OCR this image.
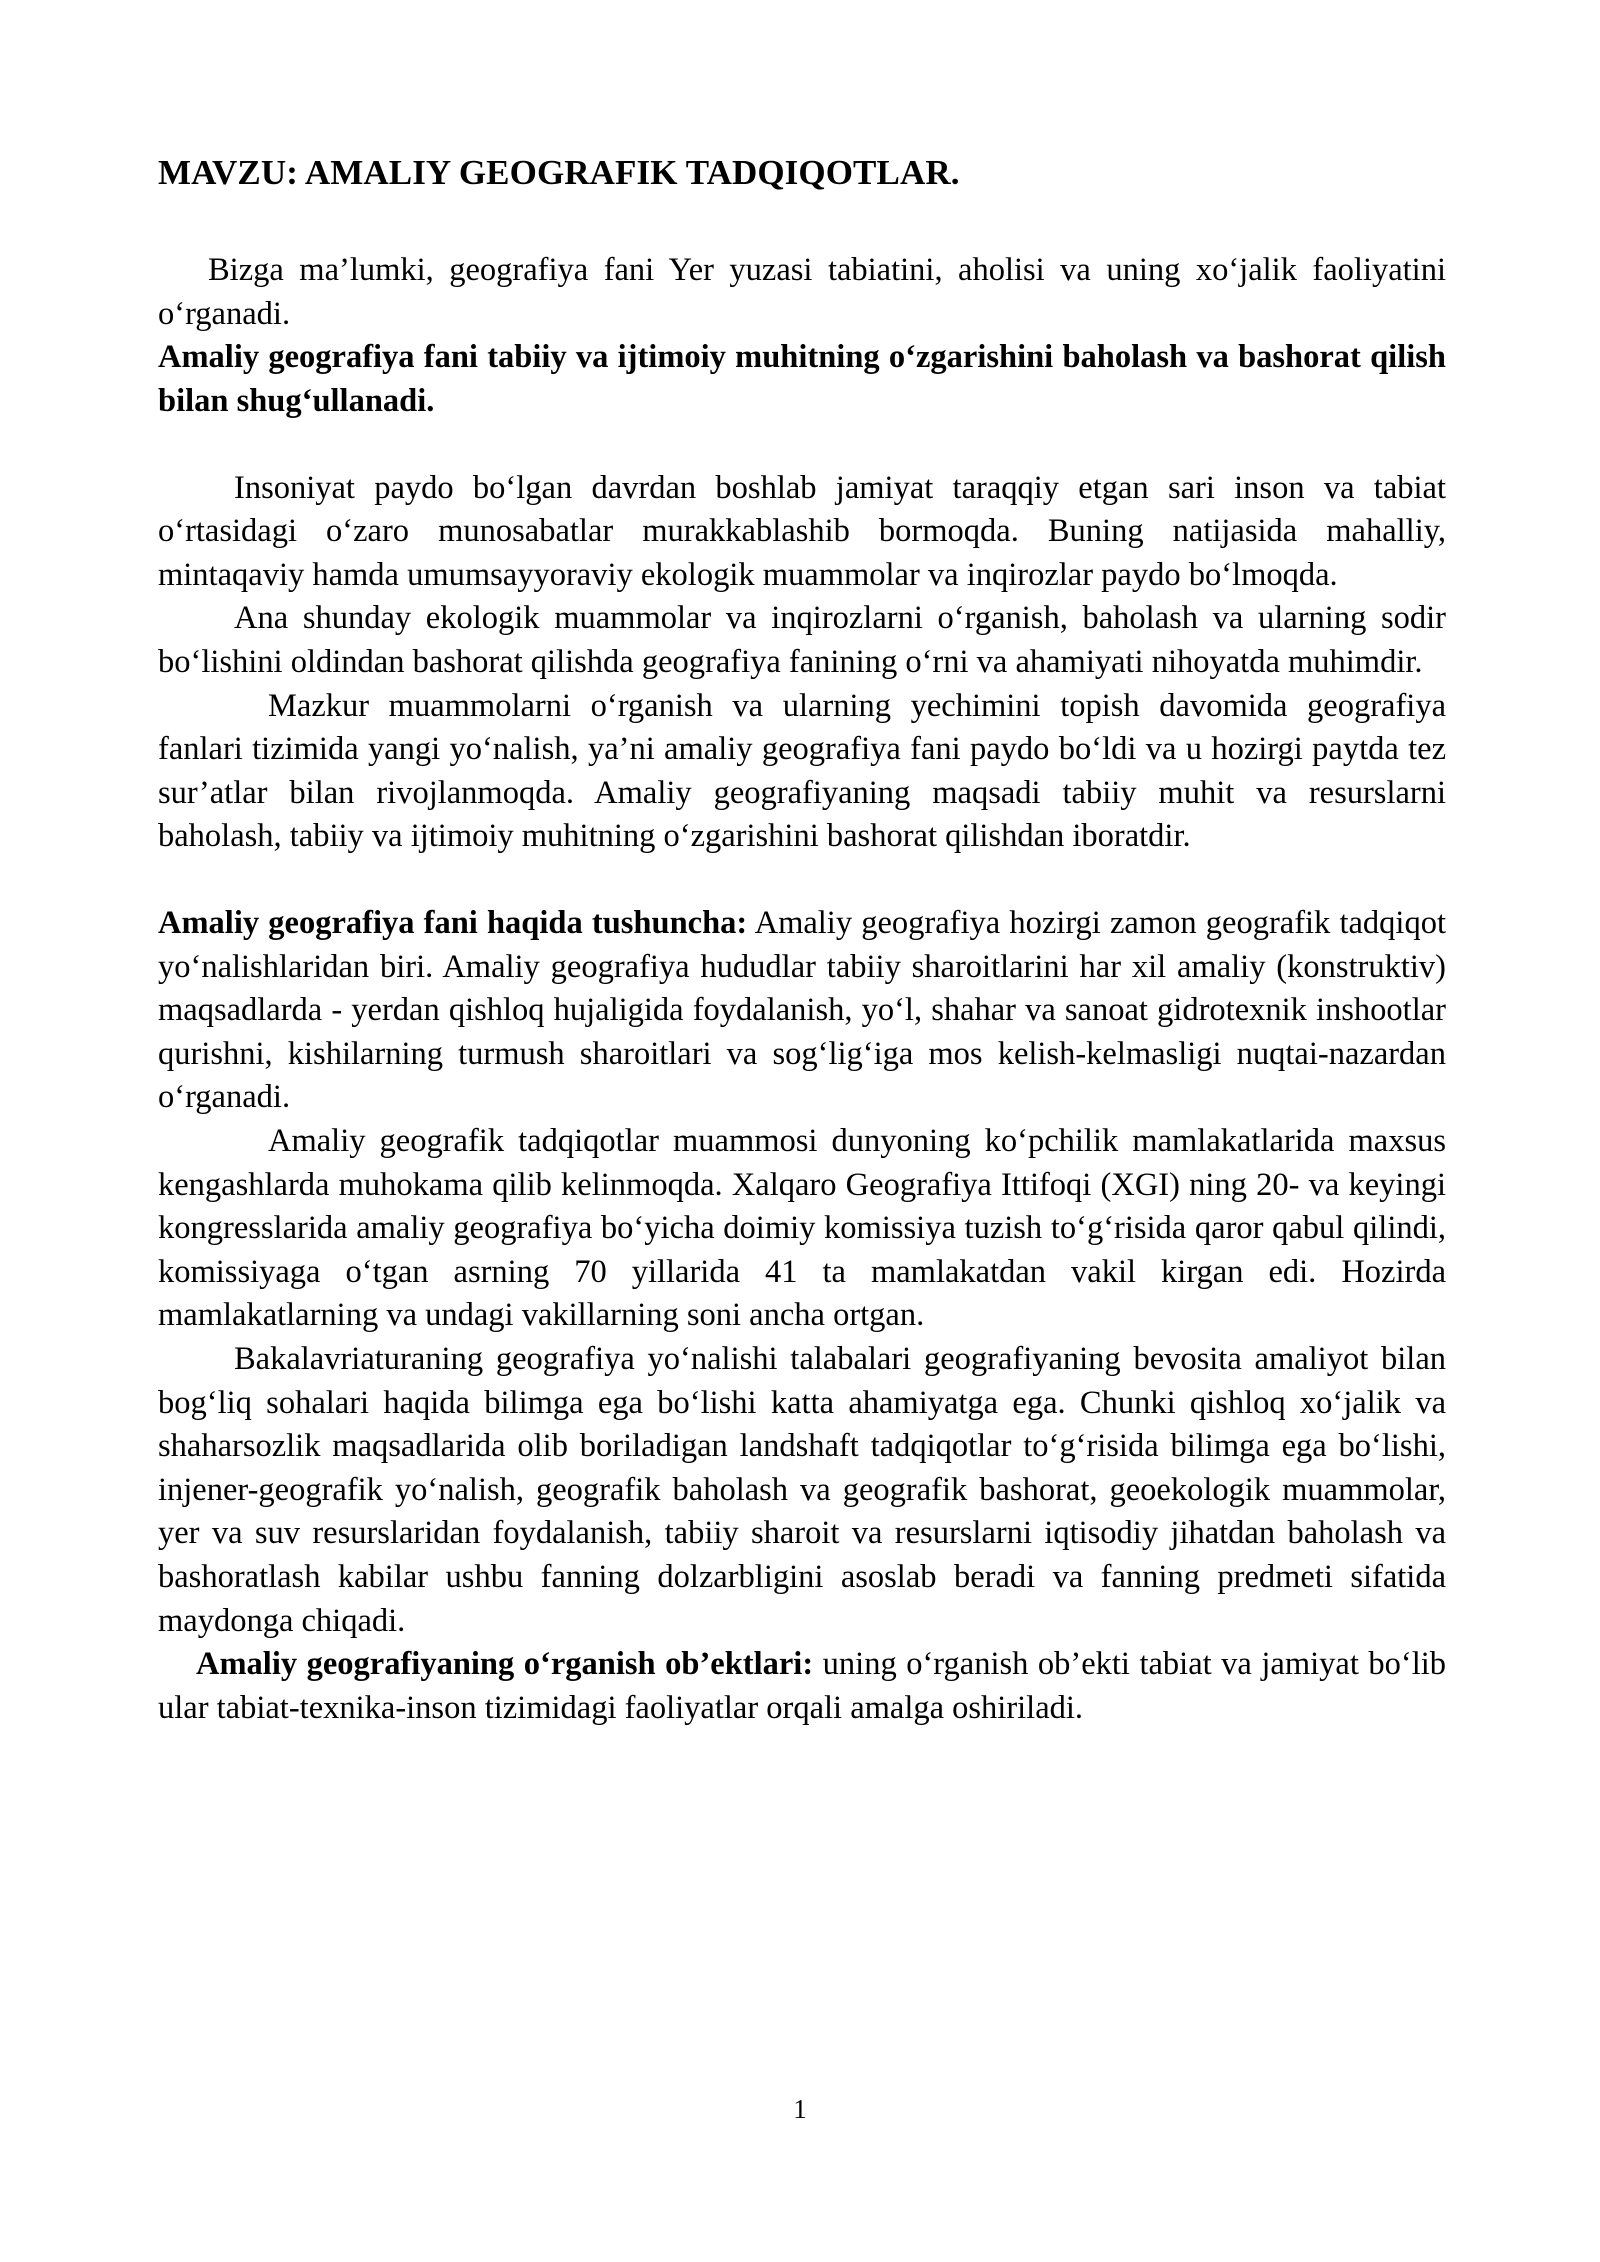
MAVZU: AMALIY GEOGRAFIK TADQIQOTLAR.

Bizga ma’lumki, geografiya fani Yer yuzasi tabiatini, aholisi va uning xo‘jalik faoliyatini o‘rganadi.

Amaliy geografiya fani tabiiy va ijtimoiy muhitning o‘zgarishini baholash va bashorat qilish bilan shug‘ullanadi.

Insoniyat paydo bo‘lgan davrdan boshlab jamiyat taraqqiy etgan sari inson va tabiat o‘rtasidagi o‘zaro munosabatlar murakkablashib bormoqda. Buning natijasida mahalliy, mintaqaviy hamda umumsayyoraviy ekologik muammolar va inqirozlar paydo bo‘lmoqda.

Ana shunday ekologik muammolar va inqirozlarni o‘rganish, baholash va ularning sodir bo‘lishini oldindan bashorat qilishda geografiya fanining o‘rni va ahamiyati nihoyatda muhimdir.

Mazkur muammolarni o‘rganish va ularning yechimini topish davomida geografiya fanlari tizimida yangi yo‘nalish, ya’ni amaliy geografiya fani paydo bo‘ldi va u hozirgi paytda tez sur’atlar bilan rivojlanmoqda. Amaliy geografiyaning maqsadi tabiiy muhit va resurslarni baholash, tabiiy va ijtimoiy muhitning o‘zgarishini bashorat qilishdan iboratdir.

Amaliy geografiya fani haqida tushuncha: Amaliy geografiya hozirgi zamon geografik tadqiqot yo‘nalishlaridan biri. Amaliy geografiya hududlar tabiiy sharoitlarini har xil amaliy (konstruktiv) maqsadlarda - yerdan qishloq hujaligida foydalanish, yo‘l, shahar va sanoat gidrotexnik inshootlar qurishni, kishilarning turmush sharoitlari va sog‘lig‘iga mos kelish-kelmasligi nuqtai-nazardan o‘rganadi.

Amaliy geografik tadqiqotlar muammosi dunyoning ko‘pchilik mamlakatlarida maxsus kengashlarda muhokama qilib kelinmoqda. Xalqaro Geografiya Ittifoqi (XGI) ning 20- va keyingi kongresslarida amaliy geografiya bo‘yicha doimiy komissiya tuzish to‘g‘risida qaror qabul qilindi, komissiyaga o‘tgan asrning 70 yillarida 41 ta mamlakatdan vakil kirgan edi. Hozirda mamlakatlarning va undagi vakillarning soni ancha ortgan.

Bakalavriaturaning geografiya yo‘nalishi talabalari geografiyaning bevosita amaliyot bilan bog‘liq sohalari haqida bilimga ega bo‘lishi katta ahamiyatga ega. Chunki qishloq xo‘jalik va shaharsozlik maqsadlarida olib boriladigan landshaft tadqiqotlar to‘g‘risida bilimga ega bo‘lishi, injener-geografik yo‘nalish, geografik baholash va geografik bashorat, geoekologik muammolar, yer va suv resurslaridan foydalanish, tabiiy sharoit va resurslarni iqtisodiy jihatdan baholash va bashoratlash kabilar ushbu fanning dolzarbligini asoslab beradi va fanning predmeti sifatida maydonga chiqadi.

Amaliy geografiyaning o‘rganish ob’ektlari: uning o‘rganish ob’ekti tabiat va jamiyat bo‘lib ular tabiat-texnika-inson tizimidagi faoliyatlar orqali amalga oshiriladi.

1
